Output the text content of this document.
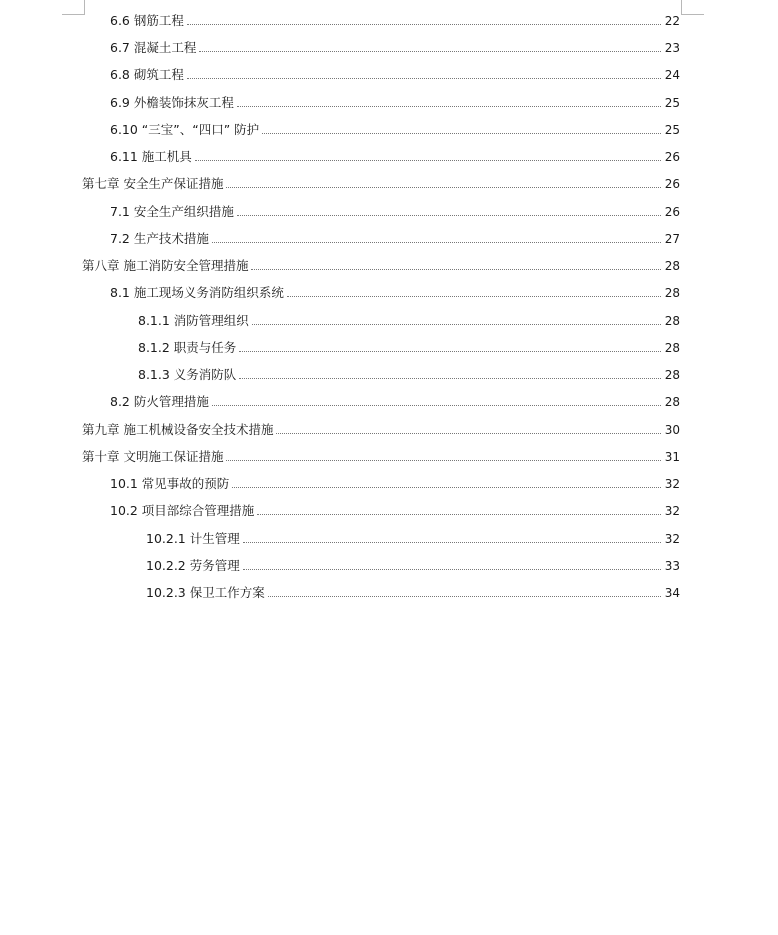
6.6 钢筋工程	22
6.7 混凝土工程	23
6.8 砌筑工程	24
6.9 外檐装饰抹灰工程	25
6.10 “三宝”、“四口” 防护	25
6.11 施工机具	26
第七章 安全生产保证措施	26
7.1 安全生产组织措施	26
7.2 生产技术措施	27
第八章 施工消防安全管理措施	28
8.1 施工现场义务消防组织系统	28
8.1.1 消防管理组织	28
8.1.2 职责与任务	28
8.1.3 义务消防队	28
8.2 防火管理措施	28
第九章 施工机械设备安全技术措施	30
第十章 文明施工保证措施	31
10.1 常见事故的预防	32
10.2 项目部综合管理措施	32
10.2.1 计生管理	32
10.2.2 劳务管理	33
10.2.3 保卫工作方案	34
